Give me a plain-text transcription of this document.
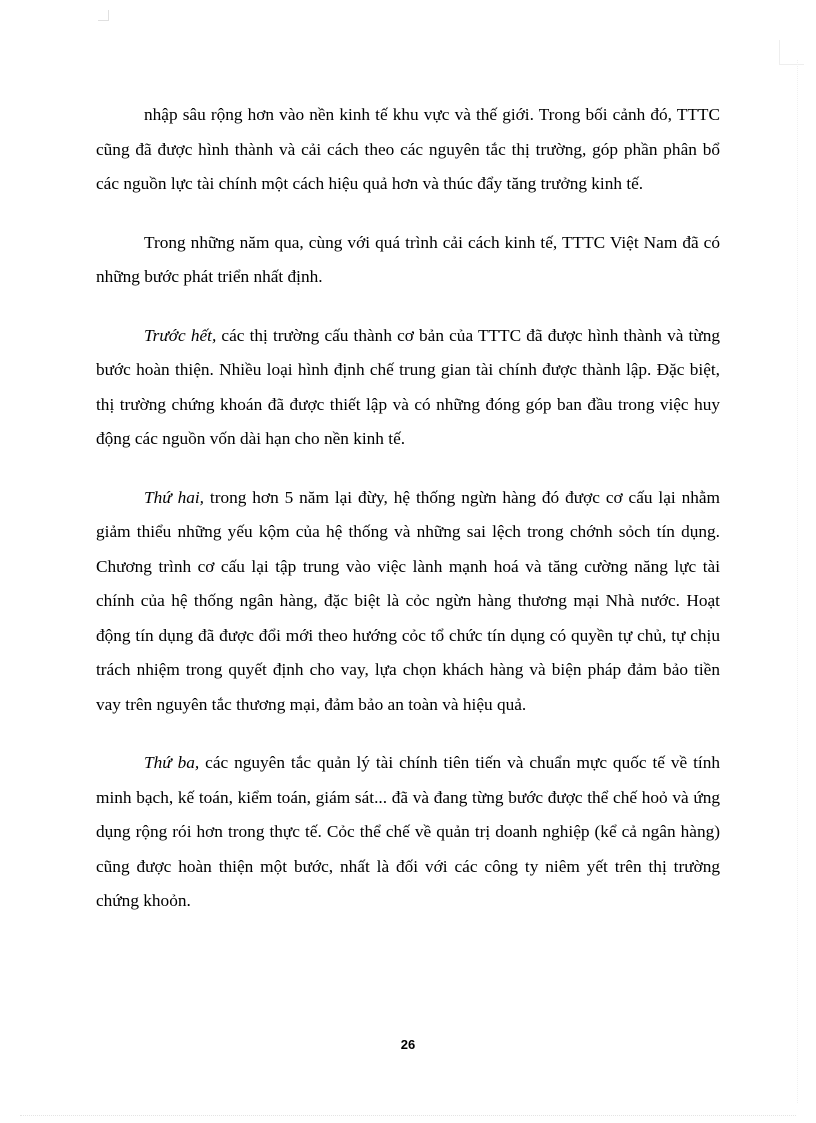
nhập sâu rộng hơn vào nền kinh tế khu vực và thế giới. Trong bối cảnh đó, TTTC cũng đã được hình thành và cải cách theo các nguyên tắc thị trường, góp phần phân bổ các nguồn lực tài chính một cách hiệu quả hơn và thúc đẩy tăng trưởng kinh tế.

Trong những năm qua, cùng với quá trình cải cách kinh tế, TTTC Việt Nam đã có những bước phát triển nhất định.

Trước hết, các thị trường cấu thành cơ bản của TTTC đã được hình thành và từng bước hoàn thiện. Nhiều loại hình định chế trung gian tài chính được thành lập. Đặc biệt, thị trường chứng khoán đã được thiết lập và có những đóng góp ban đầu trong việc huy động các nguồn vốn dài hạn cho nền kinh tế.

Thứ hai, trong hơn 5 năm lại đừy, hệ thống ngừn hàng đó được cơ cấu lại nhằm giảm thiểu những yếu kộm của hệ thống và những sai lệch trong chớnh sỏch tín dụng. Chương trình cơ cấu lại tập trung vào việc lành mạnh hoá và tăng cường năng lực tài chính của hệ thống ngân hàng, đặc biệt là cỏc ngừn hàng thương mại Nhà nước. Hoạt động tín dụng đã được đổi mới theo hướng cỏc tổ chức tín dụng có quyền tự chủ, tự chịu trách nhiệm trong quyết định cho vay, lựa chọn khách hàng và biện pháp đảm bảo tiền vay trên nguyên tắc thương mại, đảm bảo an toàn và hiệu quả.

Thứ ba, các nguyên tắc quản lý tài chính tiên tiến và chuẩn mực quốc tế về tính minh bạch, kế toán, kiểm toán, giám sát... đã và đang từng bước được thể chế hoỏ và ứng dụng rộng rói hơn trong thực tế. Cỏc thể chế về quản trị doanh nghiệp (kể cả ngân hàng) cũng được hoàn thiện một bước, nhất là đối với các công ty niêm yết trên thị trường chứng khoỏn.

26
